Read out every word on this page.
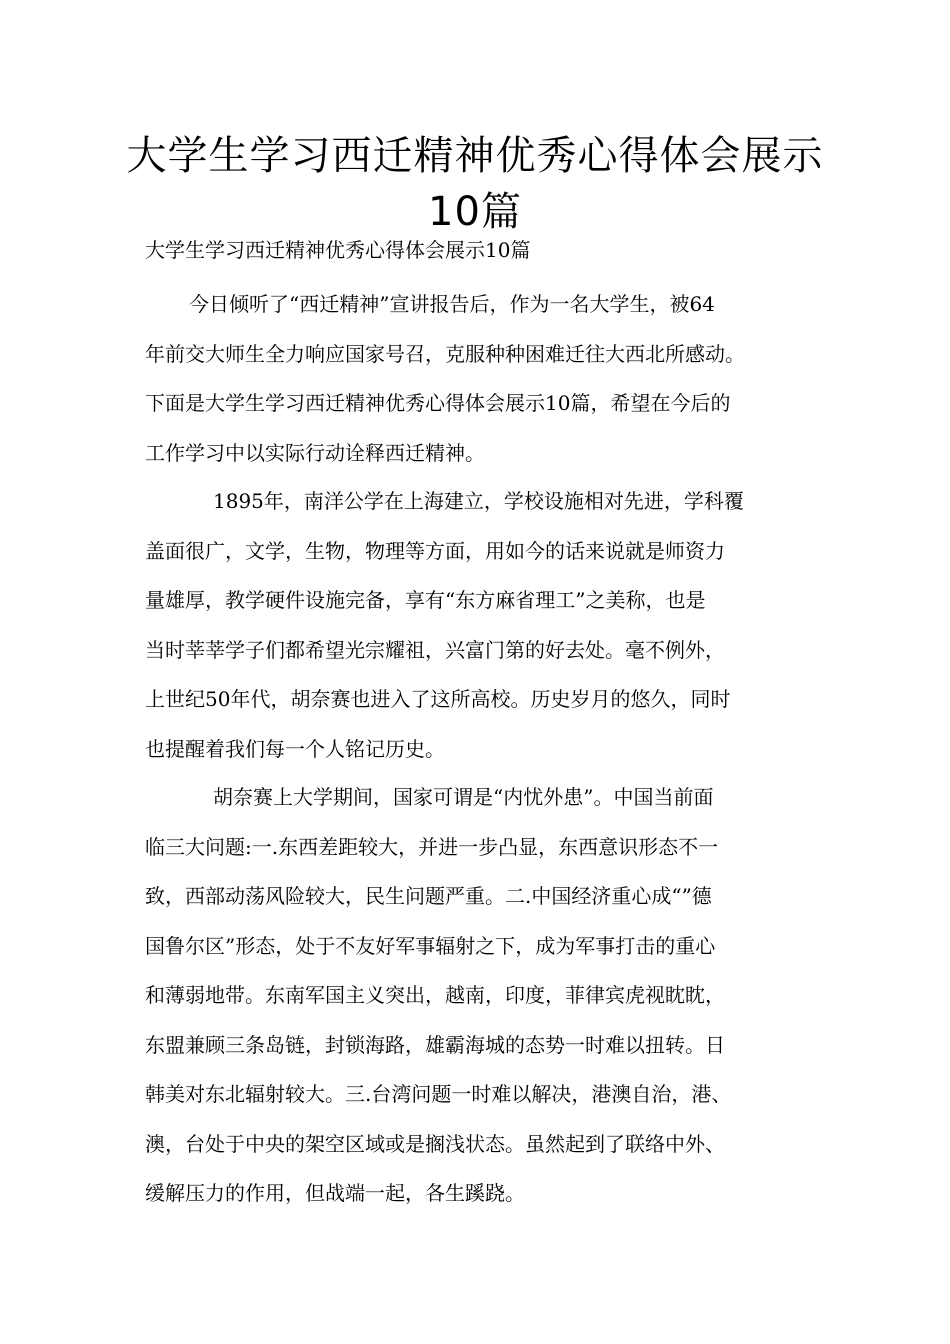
大学生学习西迁精神优秀心得体会展示
10篇

大学生学习西迁精神优秀心得体会展示10篇

今日倾听了“西迁精神”宣讲报告后，作为一名大学生，被64
年前交大师生全力响应国家号召，克服种种困难迁往大西北所感动。
下面是大学生学习西迁精神优秀心得体会展示10篇，希望在今后的
工作学习中以实际行动诠释西迁精神。
1895年，南洋公学在上海建立，学校设施相对先进，学科覆
盖面很广，文学，生物，物理等方面，用如今的话来说就是师资力
量雄厚，教学硬件设施完备，享有“东方麻省理工”之美称，也是
当时莘莘学子们都希望光宗耀祖，兴富门第的好去处。毫不例外，
上世纪50年代，胡奈赛也进入了这所高校。历史岁月的悠久，同时
也提醒着我们每一个人铭记历史。
胡奈赛上大学期间，国家可谓是“内忧外患”。中国当前面
临三大问题:一.东西差距较大，并进一步凸显，东西意识形态不一
致，西部动荡风险较大，民生问题严重。二.中国经济重心成“”德
国鲁尔区”形态，处于不友好军事辐射之下，成为军事打击的重心
和薄弱地带。东南军国主义突出，越南，印度，菲律宾虎视眈眈，
东盟兼顾三条岛链，封锁海路，雄霸海城的态势一时难以扭转。日
韩美对东北辐射较大。三.台湾问题一时难以解决，港澳自治，港、
澳，台处于中央的架空区域或是搁浅状态。虽然起到了联络中外、
缓解压力的作用，但战端一起，各生蹊跷。
